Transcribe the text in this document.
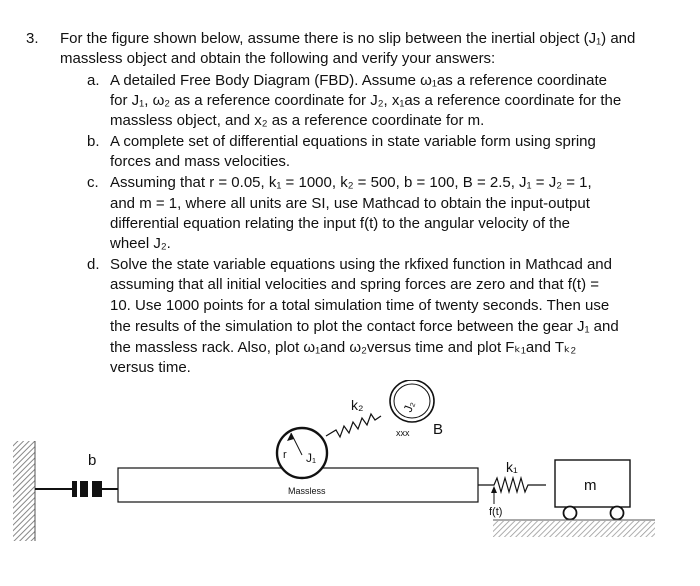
3. For the figure shown below, assume there is no slip between the inertial object (J₁) and
massless object and obtain the following and verify your answers:
a. A detailed Free Body Diagram (FBD). Assume ω₁as a reference coordinate
for J₁, ω₂ as a reference coordinate for J₂, x₁as a reference coordinate for the
massless object, and x₂ as a reference coordinate for m.
b. A complete set of differential equations in state variable form using spring
forces and mass velocities.
c. Assuming that r = 0.05, k₁ = 1000, k₂ = 500, b = 100, B = 2.5, J₁ = J₂ = 1,
and m = 1, where all units are SI, use Mathcad to obtain the input-output
differential equation relating the input f(t) to the angular velocity of the
wheel J₂.
d. Solve the state variable equations using the rkfixed function in Mathcad and
assuming that all initial velocities and spring forces are zero and that f(t) =
10. Use 1000 points for a total simulation time of twenty seconds. Then use
the results of the simulation to plot the contact force between the gear J₁ and
the massless rack. Also, plot ω₁and ω₂versus time and plot Fₖ₁and Tₖ₂
versus time.
b
Massless
r J₁
k₂	J₂
xxx B
k₁
f(t)
m
